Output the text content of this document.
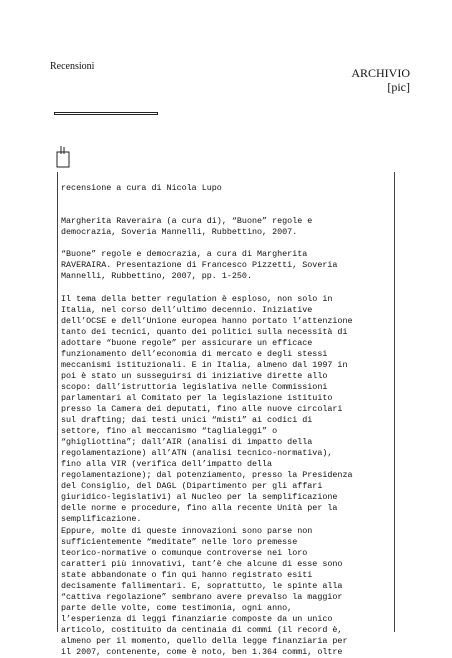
Recensioni	ARCHIVIO
[pic]
recensione a cura di Nicola Lupo
Margherita Raveraira (a cura di), “Buone” regole e
democrazia, Soveria Mannelli, Rubbettino, 2007.
“Buone” regole e democrazia, a cura di Margherita
RAVERAIRA. Presentazione di Francesco Pizzetti, Soveria
Mannelli, Rubbettino, 2007, pp. 1-250.
Il tema della better regulation è esploso, non solo in
Italia, nel corso dell’ultimo decennio. Iniziative
dell’OCSE e dell’Unione europea hanno portato l’attenzione
tanto dei tecnici, quanto dei politici sulla necessità di
adottare “buone regole” per assicurare un efficace
funzionamento dell’economia di mercato e degli stessi
meccanismi istituzionali. E in Italia, almeno dal 1997 in
poi è stato un susseguirsi di iniziative dirette allo
scopo: dall’istruttoria legislativa nelle Commissioni
parlamentari al Comitato per la legislazione istituito
presso la Camera dei deputati, fino alle nuove circolari
sul drafting; dai testi unici “misti” ai codici di
settore, fino al meccanismo “taglialeggi” o
“ghigliottina”; dall’AIR (analisi di impatto della
regolamentazione) all’ATN (analisi tecnico-normativa),
fino alla VIR (verifica dell’impatto della
regolamentazione); dal potenziamento, presso la Presidenza
del Consiglio, del DAGL (Dipartimento per gli affari
giuridico-legislativi) al Nucleo per la semplificazione
delle norme e procedure, fino alla recente Unità per la
semplificazione.
Eppure, molte di queste innovazioni sono parse non
sufficientemente “meditate” nelle loro premesse
teorico-normative o comunque controverse nei loro
caratteri più innovativi, tant’è che alcune di esse sono
state abbandonate o fin qui hanno registrato esiti
decisamente fallimentari. E, soprattutto, le spinte alla
“cattiva regolazione” sembrano avere prevalso la maggior
parte delle volte, come testimonia, ogni anno,
l’esperienza di leggi finanziarie composte da un unico
articolo, costituito da centinaia di commi (il record è,
almeno per il momento, quello della legge finanziaria per
il 2007, contenente, come è noto, ben 1.364 commi, oltre
